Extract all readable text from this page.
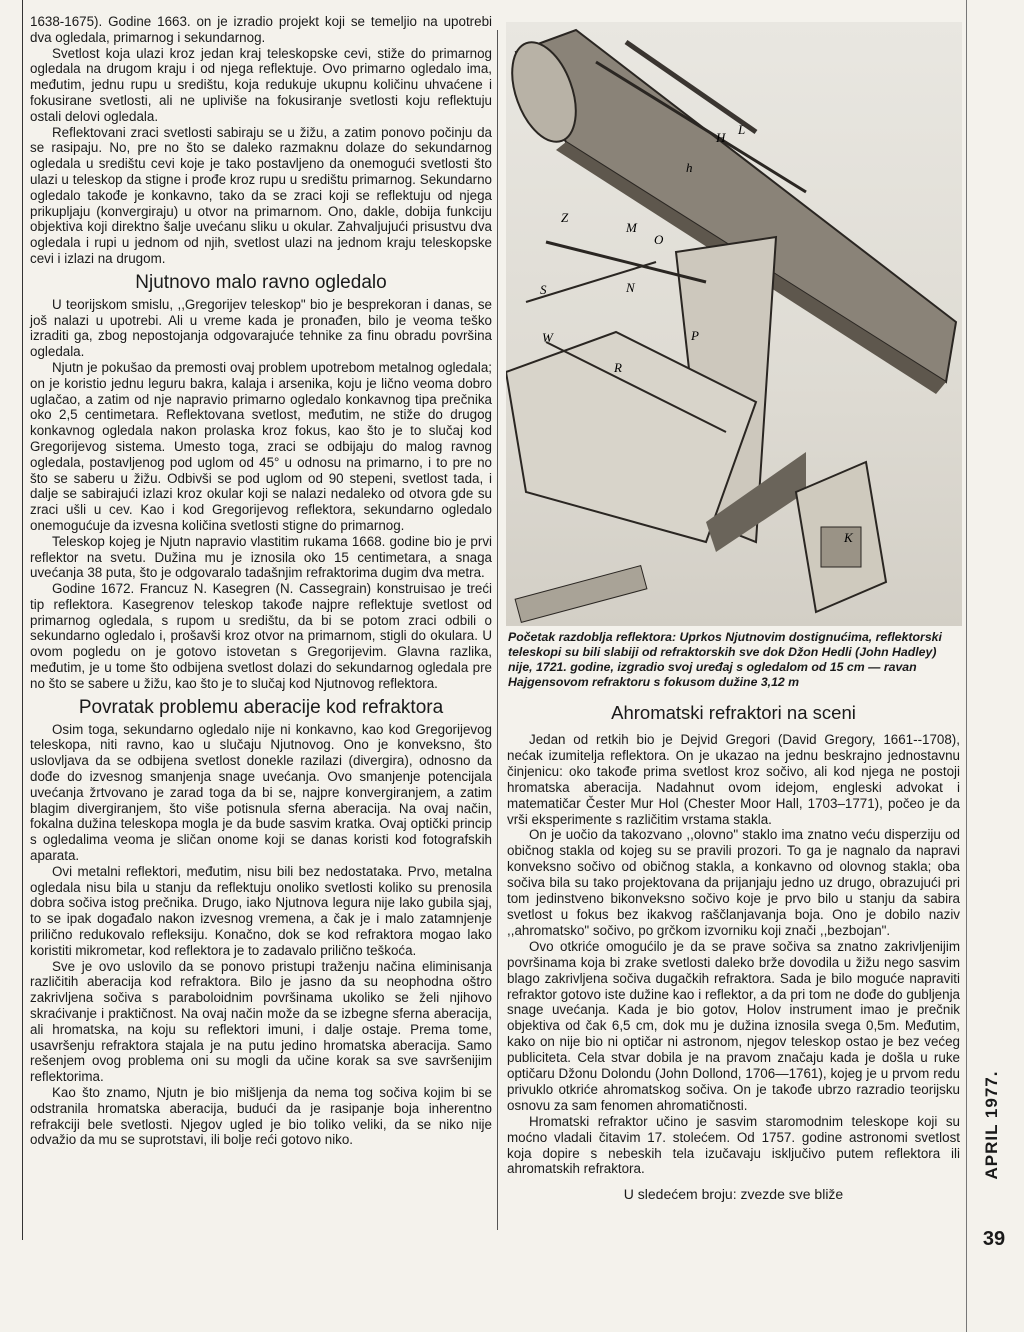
1638-1675). Godine 1663. on je izradio projekt koji se temeljio na upotrebi dva ogledala, primarnog i sekundarnog.

Svetlost koja ulazi kroz jedan kraj teleskopske cevi, stiže do primarnog ogledala na drugom kraju i od njega reflektuje. Ovo primarno ogledalo ima, međutim, jednu rupu u središtu, koja redukuje ukupnu količinu uhvaćene i fokusirane svetlosti, ali ne upliviše na fokusiranje svetlosti koju reflektuju ostali delovi ogledala.

Reflektovani zraci svetlosti sabiraju se u žižu, a zatim ponovo počinju da se rasipaju. No, pre no što se daleko razmaknu dolaze do sekundarnog ogledala u središtu cevi koje je tako postavljeno da onemogući svetlosti što ulazi u teleskop da stigne i prođe kroz rupu u središtu primarnog. Sekundarno ogledalo takođe je konkavno, tako da se zraci koji se reflektuju od njega prikupljaju (konvergiraju) u otvor na primarnom. Ono, dakle, dobija funkciju objektiva koji direktno šalje uvećanu sliku u okular. Zahvaljujući prisustvu dva ogledala i rupi u jednom od njih, svetlost ulazi na jednom kraju teleskopske cevi i izlazi na drugom.

Njutnovo malo ravno ogledalo

U teorijskom smislu, ,,Gregorijev teleskop" bio je besprekoran i danas, se još nalazi u upotrebi. Ali u vreme kada je pronađen, bilo je veoma teško izraditi ga, zbog nepostojanja odgovarajuće tehnike za finu obradu površina ogledala.

Njutn je pokušao da premosti ovaj problem upotrebom metalnog ogledala; on je koristio jednu leguru bakra, kalaja i arsenika, koju je lično veoma dobro uglačao, a zatim od nje napravio primarno ogledalo konkavnog tipa prečnika oko 2,5 centimetara. Reflektovana svetlost, međutim, ne stiže do drugog konkavnog ogledala nakon prolaska kroz fokus, kao što je to slučaj kod Gregorijevog sistema. Umesto toga, zraci se odbijaju do malog ravnog ogledala, postavljenog pod uglom od 45° u odnosu na primarno, i to pre no što se saberu u žižu. Odbivši se pod uglom od 90 stepeni, svetlost tada, i dalje se sabirajući izlazi kroz okular koji se nalazi nedaleko od otvora gde su zraci ušli u cev. Kao i kod Gregorijevog reflektora, sekundarno ogledalo onemogućuje da izvesna količina svetlosti stigne do primarnog.

Teleskop kojeg je Njutn napravio vlastitim rukama 1668. godine bio je prvi reflektor na svetu. Dužina mu je iznosila oko 15 centimetara, a snaga uvećanja 38 puta, što je odgovaralo tadašnjim refraktorima dugim dva metra.

Godine 1672. Francuz N. Kasegren (N. Cassegrain) konstruisao je treći tip reflektora. Kasegrenov teleskop takođe najpre reflektuje svetlost od primarnog ogledala, s rupom u središtu, da bi se potom zraci odbili o sekundarno ogledalo i, prošavši kroz otvor na primarnom, stigli do okulara. U ovom pogledu on je gotovo istovetan s Gregorijevim. Glavna razlika, međutim, je u tome što odbijena svetlost dolazi do sekundarnog ogledala pre no što se sabere u žižu, kao što je to slučaj kod Njutnovog reflektora.

Povratak problemu aberacije kod refraktora

Osim toga, sekundarno ogledalo nije ni konkavno, kao kod Gregorijevog teleskopa, niti ravno, kao u slučaju Njutnovog. Ono je konveksno, što uslovljava da se odbijena svetlost donekle razilazi (divergira), odnosno da dođe do izvesnog smanjenja snage uvećanja. Ovo smanjenje potencijala uvećanja žrtvovano je zarad toga da bi se, najpre konvergiranjem, a zatim blagim divergiranjem, što više potisnula sferna aberacija. Na ovaj način, fokalna dužina teleskopa mogla je da bude sasvim kratka. Ovaj optički princip s ogledalima veoma je sličan onome koji se danas koristi kod fotografskih aparata.

Ovi metalni reflektori, međutim, nisu bili bez nedostataka. Prvo, metalna ogledala nisu bila u stanju da reflektuju onoliko svetlosti koliko su prenosila dobra sočiva istog prečnika. Drugo, iako Njutnova legura nije lako gubila sjaj, to se ipak događalo nakon izvesnog vremena, a čak je i malo zatamnjenje prilično redukovalo refleksiju. Konačno, dok se kod refraktora mogao lako koristiti mikrometar, kod reflektora je to zadavalo prilično teškoća.

Sve je ovo uslovilo da se ponovo pristupi traženju načina eliminisanja različitih aberacija kod refraktora. Bilo je jasno da su neophodna oštro zakrivljena sočiva s paraboloidnim površinama ukoliko se želi njihovo skraćivanje i praktičnost. Na ovaj način može da se izbegne sferna aberacija, ali hromatska, na koju su reflektori imuni, i dalje ostaje. Prema tome, usavršenju refraktora stajala je na putu jedino hromatska aberacija. Samo rešenjem ovog problema oni su mogli da učine korak sa sve savršenijim reflektorima.

Kao što znamo, Njutn je bio mišljenja da nema tog sočiva kojim bi se odstranila hromatska aberacija, budući da je rasipanje boja inherentno refrakciji bele svetlosti. Njegov ugled je bio toliko veliki, da se niko nije odvažio da mu se suprotstavi, ili bolje reći gotovo niko.

H
L
h
Z
M
O
N
S
W	P
R
K
Početak razdoblja reflektora: Uprkos Njutnovim dostignućima, reflektorski teleskopi su bili slabiji od refraktorskih sve dok Džon Hedli (John Hadley) nije, 1721. godine, izgradio svoj uređaj s ogledalom od 15 cm — ravan Hajgensovom refraktoru s fokusom dužine 3,12 m
Ahromatski refraktori na sceni

Jedan od retkih bio je Dejvid Gregori (David Gregory, 1661--1708), nećak izumitelja reflektora. On je ukazao na jednu beskrajno jednostavnu činjenicu: oko takođe prima svetlost kroz sočivo, ali kod njega ne postoji hromatska aberacija. Nadahnut ovom idejom, engleski advokat i matematičar Čester Mur Hol (Chester Moor Hall, 1703–1771), počeo je da vrši eksperimente s različitim vrstama stakla.

On je uočio da takozvano ,,olovno" staklo ima znatno veću disperziju od običnog stakla od kojeg su se pravili prozori. To ga je nagnalo da napravi konveksno sočivo od običnog stakla, a konkavno od olovnog stakla; oba sočiva bila su tako projektovana da prijanjaju jedno uz drugo, obrazujući pri tom jedinstveno bikonveksno sočivo koje je prvo bilo u stanju da sabira svetlost u fokus bez ikakvog raščlanjavanja boja. Ono je dobilo naziv ,,ahromatsko" sočivo, po grčkom izvorniku koji znači ,,bezbojan".

Ovo otkriće omogućilo je da se prave sočiva sa znatno zakrivljenijim površinama koja bi zrake svetlosti daleko brže dovodila u žižu nego sasvim blago zakrivljena sočiva dugačkih refraktora. Sada je bilo moguće napraviti refraktor gotovo iste dužine kao i reflektor, a da pri tom ne dođe do gubljenja snage uvećanja. Kada je bio gotov, Holov instrument imao je prečnik objektiva od čak 6,5 cm, dok mu je dužina iznosila svega 0,5m. Međutim, kako on nije bio ni optičar ni astronom, njegov teleskop ostao je bez većeg publiciteta. Cela stvar dobila je na pravom značaju kada je došla u ruke optičaru Džonu Dolondu (John Dollond, 1706—1761), kojeg je u prvom redu privuklo otkriće ahromatskog sočiva. On je takođe ubrzo razradio teorijsku osnovu za sam fenomen ahromatičnosti.

Hromatski refraktor učino je sasvim staromodnim teleskope koji su moćno vladali čitavim 17. stolećem. Od 1757. godine astronomi svetlost koja dopire s nebeskih tela izučavaju isključivo putem reflektora ili ahromatskih refraktora.

U sledećem broju: zvezde sve bliže

APRIL 1977.
39
